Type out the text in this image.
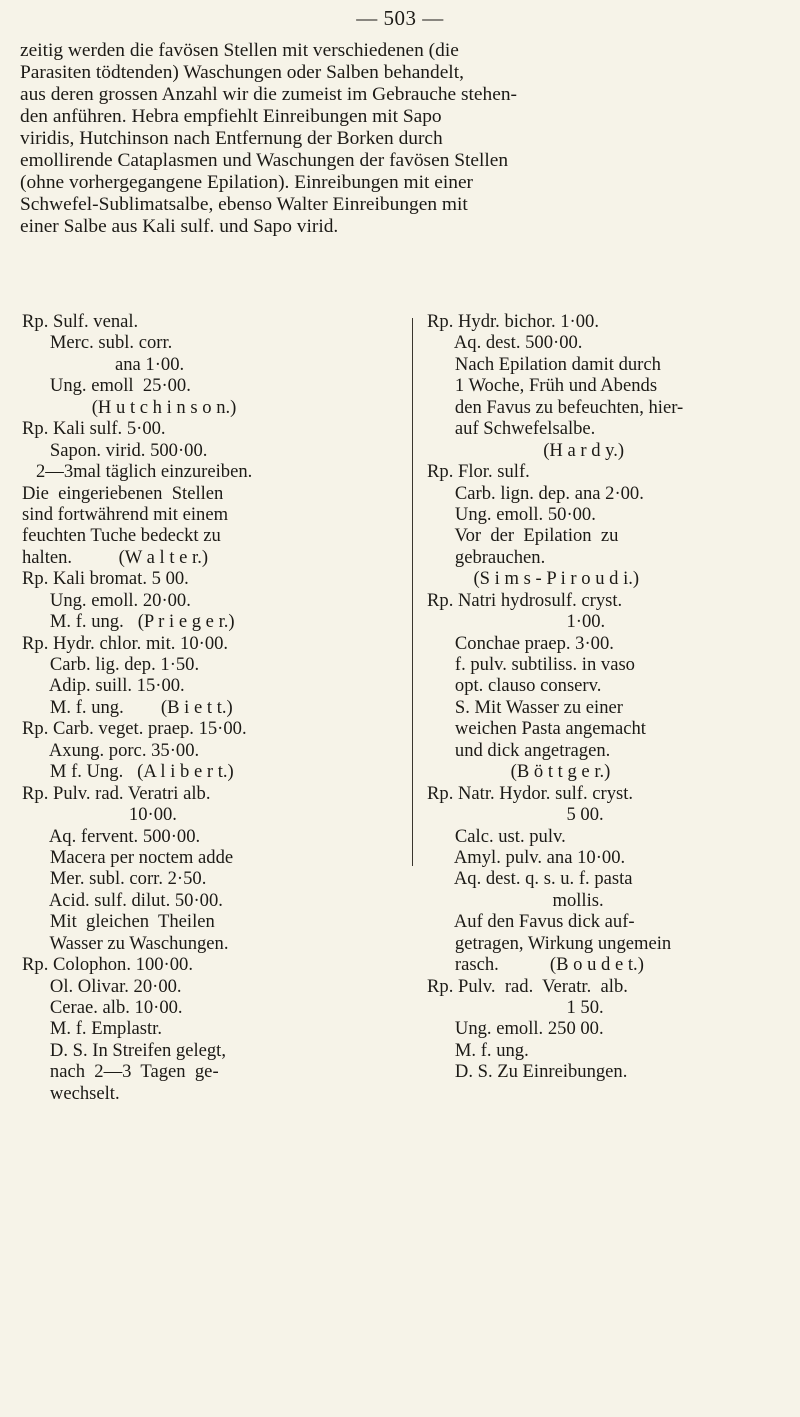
— 503 —
zeitig werden die favösen Stellen mit verschiedenen (die
Parasiten tödtenden) Waschungen oder Salben behandelt,
aus deren grossen Anzahl wir die zumeist im Gebrauche stehen-
den anführen. Hebra empfiehlt Einreibungen mit Sapo
viridis, Hutchinson nach Entfernung der Borken durch
emollirende Cataplasmen und Waschungen der favösen Stellen
(ohne vorhergegangene Epilation). Einreibungen mit einer
Schwefel-Sublimatsalbe, ebenso Walter Einreibungen mit
einer Salbe aus Kali sulf. und Sapo virid.
Rp. Sulf. venal.
Merc. subl. corr.
ana 1·00.
Ung. emoll  25·00.
(H u t c h i n s o n.)
Rp. Kali sulf. 5·00.
Sapon. virid. 500·00.
2—3mal täglich einzureiben.
Die  eingeriebenen  Stellen
sind fortwährend mit einem
feuchten Tuche bedeckt zu
halten.          (W a l t e r.)
Rp. Kali bromat. 5 00.
Ung. emoll. 20·00.
M. f. ung.   (P r i e g e r.)
Rp. Hydr. chlor. mit. 10·00.
Carb. lig. dep. 1·50.
Adip. suill. 15·00.
M. f. ung.        (B i e t t.)
Rp. Carb. veget. praep. 15·00.
Axung. porc. 35·00.
M f. Ung.   (A l i b e r t.)
Rp. Pulv. rad. Veratri alb.
10·00.
Aq. fervent. 500·00.
Macera per noctem adde
Mer. subl. corr. 2·50.
Acid. sulf. dilut. 50·00.
Mit  gleichen  Theilen
Wasser zu Waschungen.
Rp. Colophon. 100·00.
Ol. Olivar. 20·00.
Cerae. alb. 10·00.
M. f. Emplastr.
D. S. In Streifen gelegt,
nach  2—3  Tagen  ge-
wechselt.
Rp. Hydr. bichor. 1·00.
Aq. dest. 500·00.
Nach Epilation damit durch
1 Woche, Früh und Abends
den Favus zu befeuchten, hier-
auf Schwefelsalbe.
(H a r d y.)
Rp. Flor. sulf.
Carb. lign. dep. ana 2·00.
Ung. emoll. 50·00.
Vor  der  Epilation  zu
gebrauchen.
(S i m s - P i r o u d i.)
Rp. Natri hydrosulf. cryst.
1·00.
Conchae praep. 3·00.
f. pulv. subtiliss. in vaso
opt. clauso conserv.
S. Mit Wasser zu einer
weichen Pasta angemacht
und dick angetragen.
(B ö t t g e r.)
Rp. Natr. Hydor. sulf. cryst.
5 00.
Calc. ust. pulv.
Amyl. pulv. ana 10·00.
Aq. dest. q. s. u. f. pasta
mollis.
Auf den Favus dick auf-
getragen, Wirkung ungemein
rasch.           (B o u d e t.)
Rp. Pulv.  rad.  Veratr.  alb.
1 50.
Ung. emoll. 250 00.
M. f. ung.
D. S. Zu Einreibungen.
